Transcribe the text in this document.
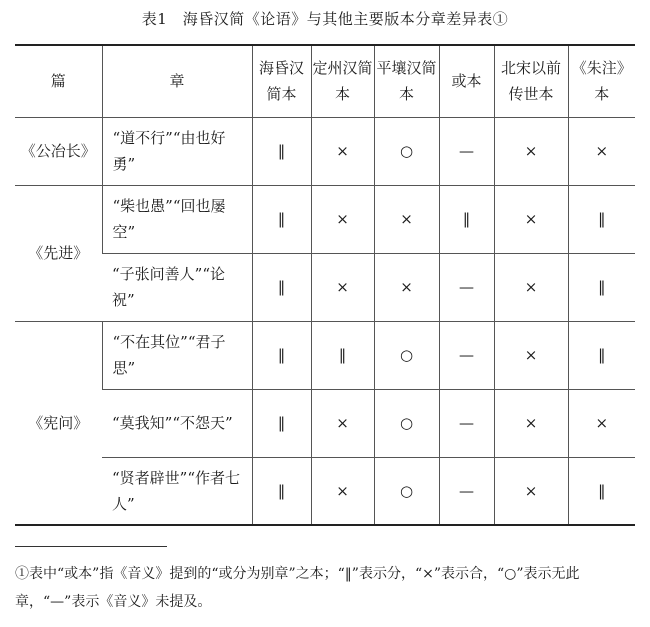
表1　海昏汉简《论语》与其他主要版本分章差异表①
篇	章	海昏汉简本	定州汉简本	平壤汉简本	或本	北宋以前传世本	《朱注》本
《公冶长》	“道不行”“由也好勇”	‖	×	○	—	×	×
《先进》	“柴也愚”“回也屡空”	‖	×	×	‖	×	‖
	“子张问善人”“论祝”	‖	×	×	—	×	‖
《宪问》	“不在其位”“君子思”	‖	‖	○	—	×	‖
	“莫我知”“不怨天”	‖	×	○	—	×	×
	“贤者辟世”“作者七人”	‖	×	○	—	×	‖
①表中“或本”指《音义》提到的“或分为别章”之本；“‖”表示分，“×”表示合，“○”表示无此章，“—”表示《音义》未提及。
